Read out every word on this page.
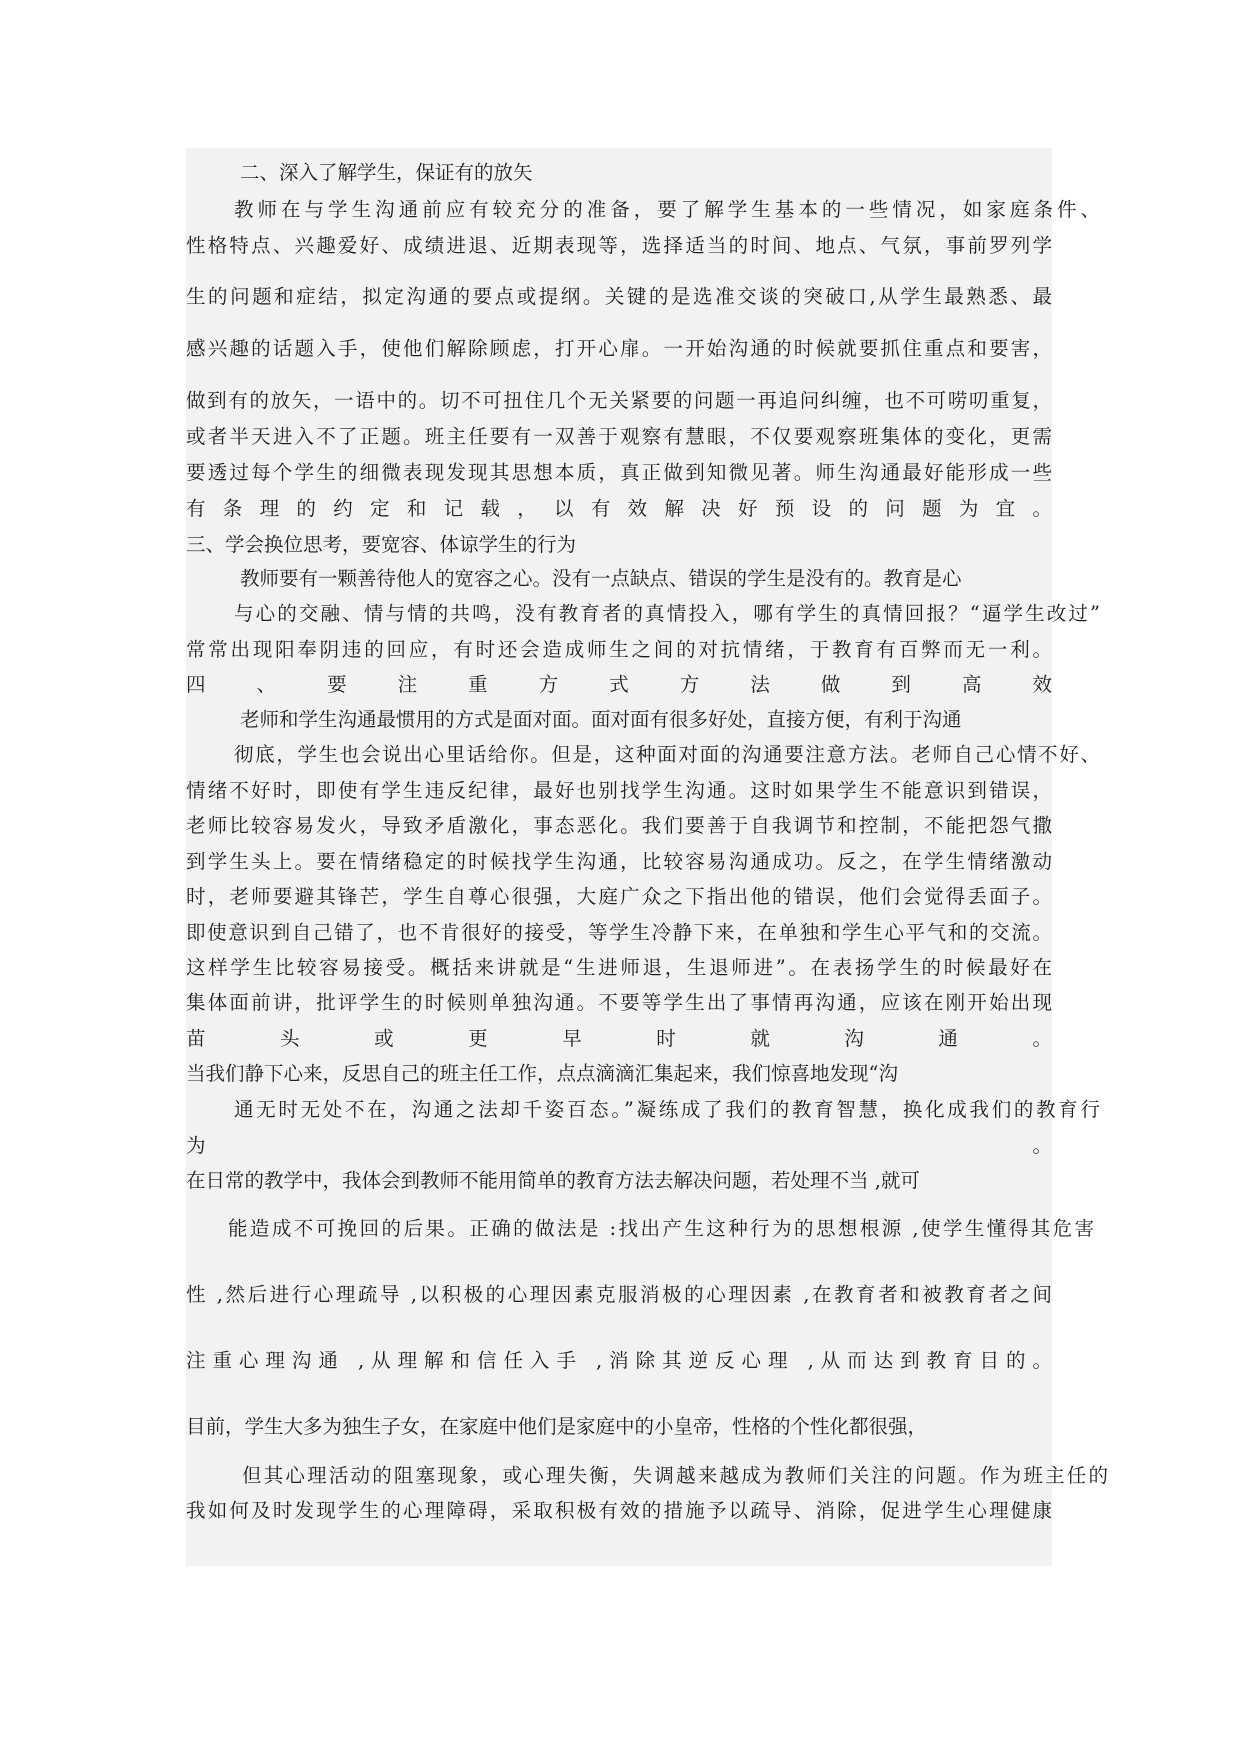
二、深入了解学生，保证有的放矢
教师在与学生沟通前应有较充分的准备，要了解学生基本的一些情况，如家庭条件、
性格特点、兴趣爱好、成绩进退、近期表现等，选择适当的时间、地点、气氛，事前罗列学
生的问题和症结，拟定沟通的要点或提纲。关键的是选准交谈的突破口,从学生最熟悉、最
感兴趣的话题入手，使他们解除顾虑，打开心扉。一开始沟通的时候就要抓住重点和要害，
做到有的放矢，一语中的。切不可扭住几个无关紧要的问题一再追问纠缠，也不可唠叨重复，
或者半天进入不了正题。班主任要有一双善于观察有慧眼，不仅要观察班集体的变化，更需
要透过每个学生的细微表现发现其思想本质，真正做到知微见著。师生沟通最好能形成一些
有条理的约定和记载，以有效解决好预设的问题为宜。
三、学会换位思考，要宽容、体谅学生的行为
教师要有一颗善待他人的宽容之心。没有一点缺点、错误的学生是没有的。教育是心
与心的交融、情与情的共鸣，没有教育者的真情投入，哪有学生的真情回报？“逼学生改过”
常常出现阳奉阴违的回应，有时还会造成师生之间的对抗情绪，于教育有百弊而无一利。
四、要注重方式方法做到高效
老师和学生沟通最惯用的方式是面对面。面对面有很多好处，直接方便，有利于沟通
彻底，学生也会说出心里话给你。但是，这种面对面的沟通要注意方法。老师自己心情不好、
情绪不好时，即使有学生违反纪律，最好也别找学生沟通。这时如果学生不能意识到错误，
老师比较容易发火，导致矛盾激化，事态恶化。我们要善于自我调节和控制，不能把怨气撒
到学生头上。要在情绪稳定的时候找学生沟通，比较容易沟通成功。反之，在学生情绪激动
时，老师要避其锋芒，学生自尊心很强，大庭广众之下指出他的错误，他们会觉得丢面子。
即使意识到自己错了，也不肯很好的接受，等学生冷静下来，在单独和学生心平气和的交流。
这样学生比较容易接受。概括来讲就是“生进师退，生退师进”。在表扬学生的时候最好在
集体面前讲，批评学生的时候则单独沟通。不要等学生出了事情再沟通，应该在刚开始出现
苗头或更早时就沟通。
当我们静下心来，反思自己的班主任工作，点点滴滴汇集起来，我们惊喜地发现“沟
通无时无处不在，沟通之法却千姿百态。”凝练成了我们的教育智慧，换化成我们的教育行
为。
在日常的教学中，我体会到教师不能用简单的教育方法去解决问题，若处理不当 ,就可
能造成不可挽回的后果。正确的做法是 :找出产生这种行为的思想根源 ,使学生懂得其危害
性 ,然后进行心理疏导 ,以积极的心理因素克服消极的心理因素 ,在教育者和被教育者之间
注重心理沟通 ,从理解和信任入手 ,消除其逆反心理 ,从而达到教育目的。
目前，学生大多为独生子女，在家庭中他们是家庭中的小皇帝，性格的个性化都很强，
但其心理活动的阻塞现象，或心理失衡，失调越来越成为教师们关注的问题。作为班主任的
我如何及时发现学生的心理障碍，采取积极有效的措施予以疏导、消除，促进学生心理健康
